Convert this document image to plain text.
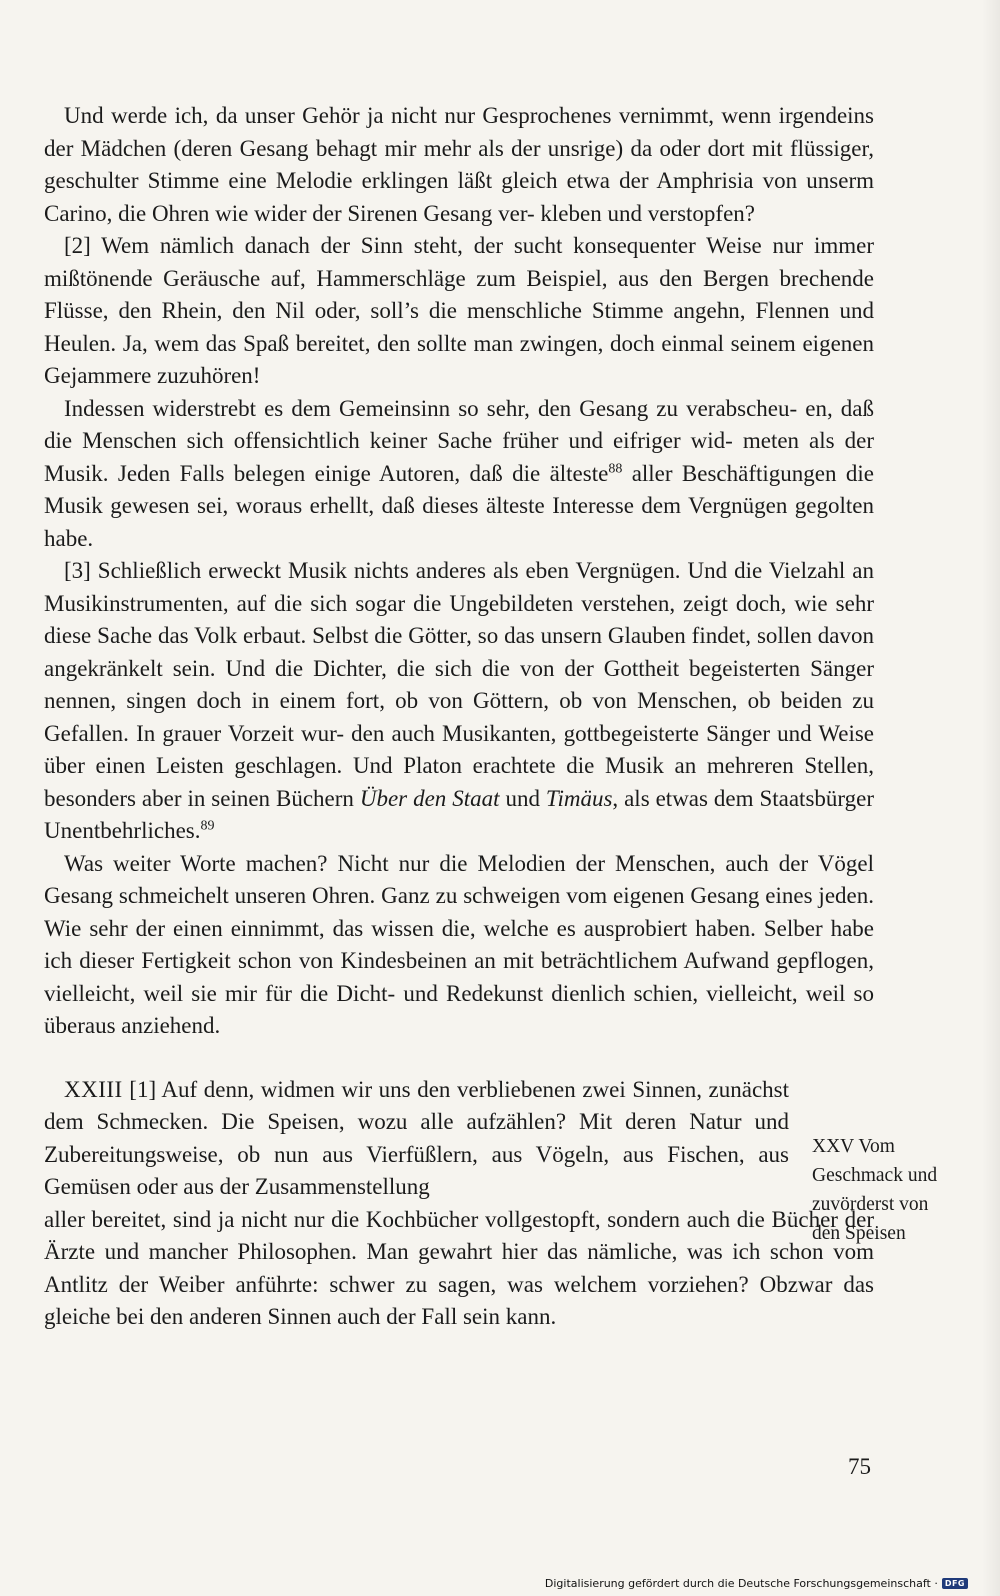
Und werde ich, da unser Gehör ja nicht nur Gesprochenes vernimmt, wenn irgendeins der Mädchen (deren Gesang behagt mir mehr als der unsrige) da oder dort mit flüssiger, geschulter Stimme eine Melodie erklingen läßt gleich etwa der Amphrisia von unserm Carino, die Ohren wie wider der Sirenen Gesang ver- kleben und verstopfen?

[2] Wem nämlich danach der Sinn steht, der sucht konsequenter Weise nur immer mißtönende Geräusche auf, Hammerschläge zum Beispiel, aus den Bergen brechende Flüsse, den Rhein, den Nil oder, soll’s die menschliche Stimme angehn, Flennen und Heulen. Ja, wem das Spaß bereitet, den sollte man zwingen, doch einmal seinem eigenen Gejammere zuzuhören!

Indessen widerstrebt es dem Gemeinsinn so sehr, den Gesang zu verabscheu- en, daß die Menschen sich offensichtlich keiner Sache früher und eifriger wid- meten als der Musik. Jeden Falls belegen einige Autoren, daß die älteste$^{88}$ aller Beschäftigungen die Musik gewesen sei, woraus erhellt, daß dieses älteste Interesse dem Vergnügen gegolten habe.

[3] Schließlich erweckt Musik nichts anderes als eben Vergnügen. Und die Vielzahl an Musikinstrumenten, auf die sich sogar die Ungebildeten verstehen, zeigt doch, wie sehr diese Sache das Volk erbaut. Selbst die Götter, so das unsern Glauben findet, sollen davon angekränkelt sein. Und die Dichter, die sich die von der Gottheit begeisterten Sänger nennen, singen doch in einem fort, ob von Göttern, ob von Menschen, ob beiden zu Gefallen. In grauer Vorzeit wur- den auch Musikanten, gottbegeisterte Sänger und Weise über einen Leisten geschlagen. Und Platon erachtete die Musik an mehreren Stellen, besonders aber in seinen Büchern Über den Staat und Timäus, als etwas dem Staatsbürger Unentbehrliches.$^{89}$

Was weiter Worte machen? Nicht nur die Melodien der Menschen, auch der Vögel Gesang schmeichelt unseren Ohren. Ganz zu schweigen vom eigenen Gesang eines jeden. Wie sehr der einen einnimmt, das wissen die, welche es ausprobiert haben. Selber habe ich dieser Fertigkeit schon von Kindesbeinen an mit beträchtlichem Aufwand gepflogen, vielleicht, weil sie mir für die Dicht- und Redekunst dienlich schien, vielleicht, weil so überaus anziehend.

XXIII [1] Auf denn, widmen wir uns den verbliebenen zwei Sinnen, zunächst dem Schmecken. Die Speisen, wozu alle aufzählen? Mit deren Natur und Zubereitungsweise, ob nun aus Vierfüßlern, aus Vögeln, aus Fischen, aus Gemüsen oder aus der Zusammenstellung

aller bereitet, sind ja nicht nur die Kochbücher vollgestopft, sondern auch die Bücher der Ärzte und mancher Philosophen. Man gewahrt hier das nämliche, was ich schon vom Antlitz der Weiber anführte: schwer zu sagen, was welchem vorziehen? Obzwar das gleiche bei den anderen Sinnen auch der Fall sein kann.

XXV Vom
Geschmack und
zuvörderst von
den Speisen
75
Digitalisierung gefördert durch die Deutsche Forschungsgemeinschaft · DFG
